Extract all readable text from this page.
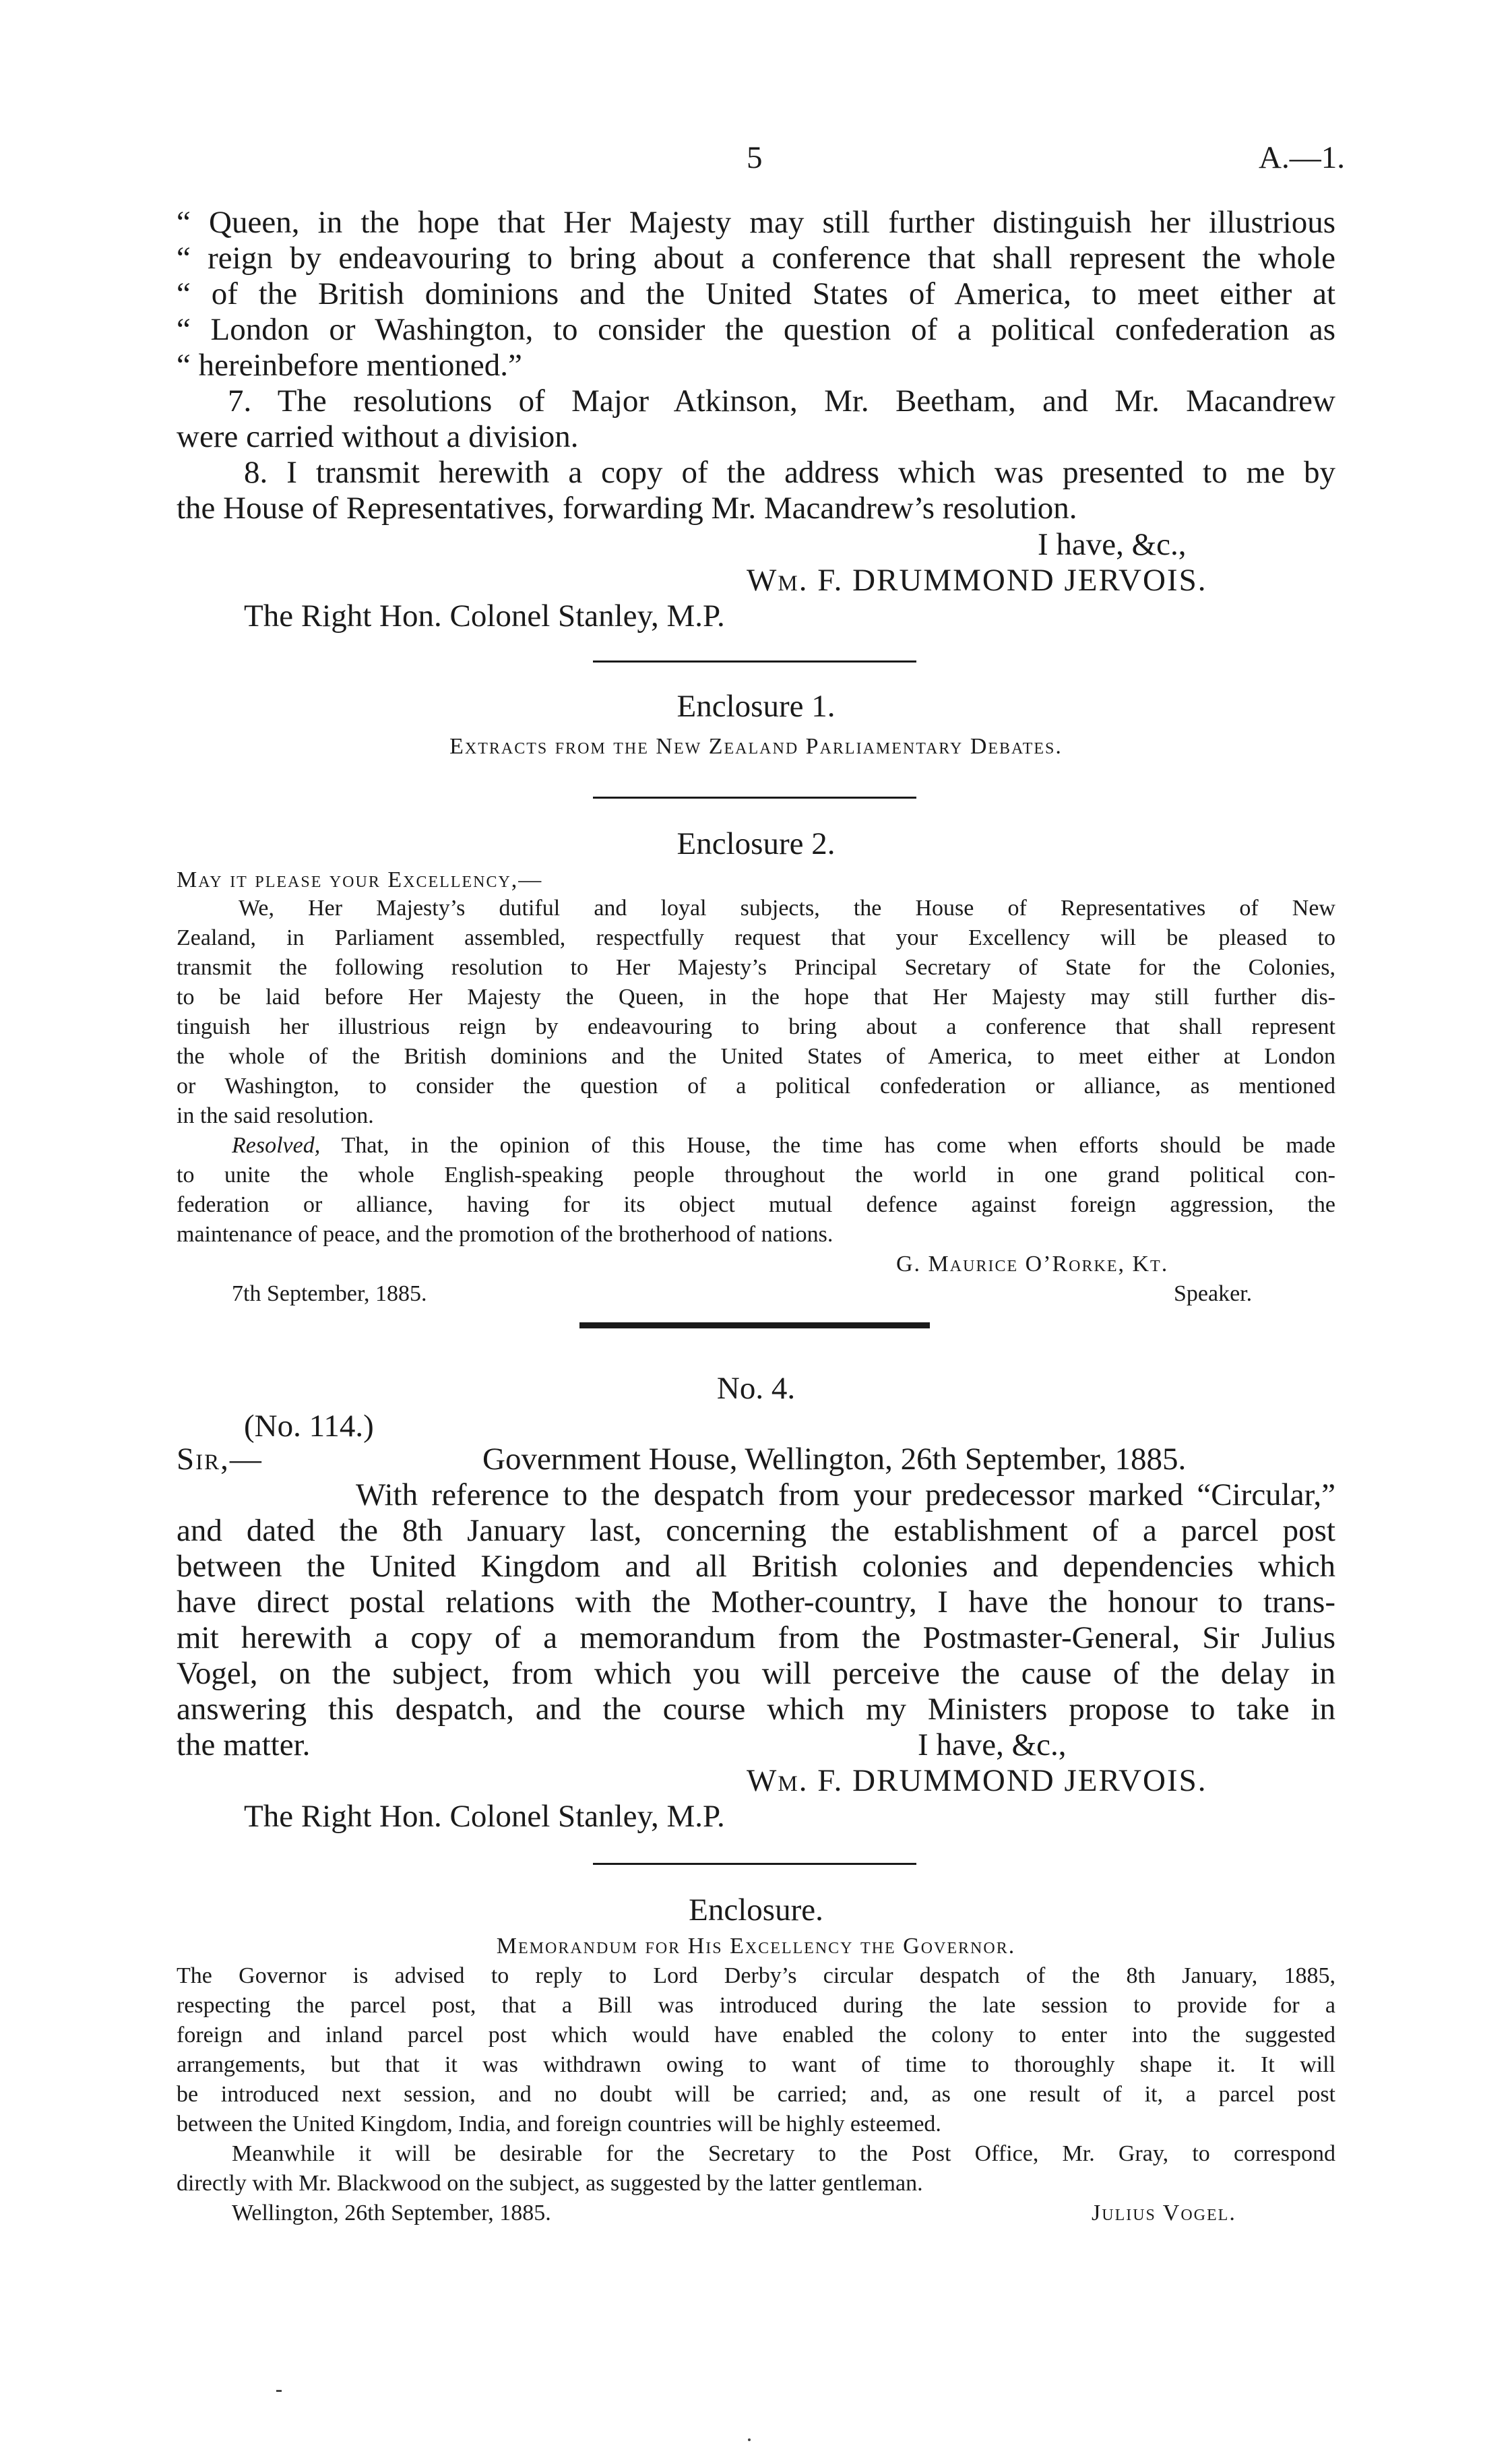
5	A.—1.
“ Queen, in the hope that Her Majesty may still further distinguish her illustrious
“ reign by endeavouring to bring about a conference that shall represent the whole
“ of the British dominions and the United States of America, to meet either at
“ London or Washington, to consider the question of a political confederation as
“ hereinbefore mentioned.”
7. The resolutions of Major Atkinson, Mr. Beetham, and Mr. Macandrew
were carried without a division.
8. I transmit herewith a copy of the address which was presented to me by
the House of Representatives, forwarding Mr. Macandrew’s resolution.
I have, &c.,
Wm. F. DRUMMOND JERVOIS.
The Right Hon. Colonel Stanley, M.P.
Enclosure 1.
Extracts from the New Zealand Parliamentary Debates.
Enclosure 2.
May it please your Excellency,—
We, Her Majesty’s dutiful and loyal subjects, the House of Representatives of New
Zealand, in Parliament assembled, respectfully request that your Excellency will be pleased to
transmit the following resolution to Her Majesty’s Principal Secretary of State for the Colonies,
to be laid before Her Majesty the Queen, in the hope that Her Majesty may still further dis-
tinguish her illustrious reign by endeavouring to bring about a conference that shall represent
the whole of the British dominions and the United States of America, to meet either at London
or Washington, to consider the question of a political confederation or alliance, as mentioned
in the said resolution.
Resolved, That, in the opinion of this House, the time has come when efforts should be made
to unite the whole English-speaking people throughout the world in one grand political con-
federation or alliance, having for its object mutual defence against foreign aggression, the
maintenance of peace, and the promotion of the brotherhood of nations.
G. Maurice O’Rorke, Kt.
7th September, 1885.	Speaker.
No. 4.
(No. 114.)
Sir,—	Government House, Wellington, 26th September, 1885.
With reference to the despatch from your predecessor marked “Circular,”
and dated the 8th January last, concerning the establishment of a parcel post
between the United Kingdom and all British colonies and dependencies which
have direct postal relations with the Mother-country, I have the honour to trans-
mit herewith a copy of a memorandum from the Postmaster-General, Sir Julius
Vogel, on the subject, from which you will perceive the cause of the delay in
answering this despatch, and the course which my Ministers propose to take in
the matter.	I have, &c.,
Wm. F. DRUMMOND JERVOIS.
The Right Hon. Colonel Stanley, M.P.
Enclosure.
Memorandum for His Excellency the Governor.
The Governor is advised to reply to Lord Derby’s circular despatch of the 8th January, 1885,
respecting the parcel post, that a Bill was introduced during the late session to provide for a
foreign and inland parcel post which would have enabled the colony to enter into the suggested
arrangements, but that it was withdrawn owing to want of time to thoroughly shape it. It will
be introduced next session, and no doubt will be carried; and, as one result of it, a parcel post
between the United Kingdom, India, and foreign countries will be highly esteemed.
Meanwhile it will be desirable for the Secretary to the Post Office, Mr. Gray, to correspond
directly with Mr. Blackwood on the subject, as suggested by the latter gentleman.
Wellington, 26th September, 1885.	Julius Vogel.
